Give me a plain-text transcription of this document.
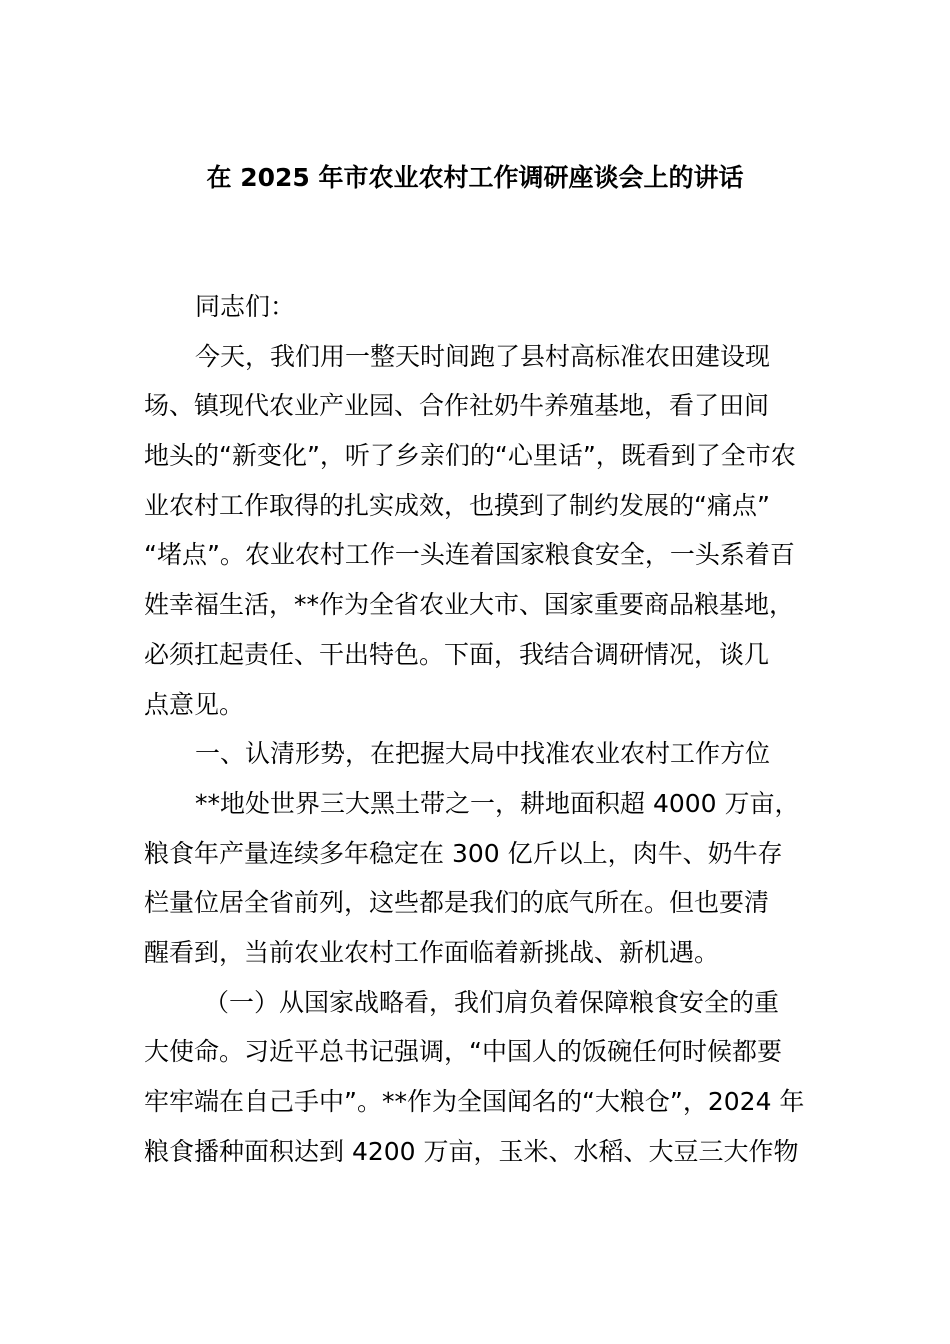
在 2025 年市农业农村工作调研座谈会上的讲话
同志们：
今天，我们用一整天时间跑了县村高标准农田建设现
场、镇现代农业产业园、合作社奶牛养殖基地，看了田间
地头的“新变化”，听了乡亲们的“心里话”，既看到了全市农
业农村工作取得的扎实成效，也摸到了制约发展的“痛点”
“堵点”。农业农村工作一头连着国家粮食安全，一头系着百
姓幸福生活，**作为全省农业大市、国家重要商品粮基地，
必须扛起责任、干出特色。下面，我结合调研情况，谈几
点意见。
一、认清形势，在把握大局中找准农业农村工作方位
**地处世界三大黑土带之一，耕地面积超 4000 万亩，
粮食年产量连续多年稳定在 300 亿斤以上，肉牛、奶牛存
栏量位居全省前列，这些都是我们的底气所在。但也要清
醒看到，当前农业农村工作面临着新挑战、新机遇。
（一）从国家战略看，我们肩负着保障粮食安全的重
大使命。习近平总书记强调，“中国人的饭碗任何时候都要
牢牢端在自己手中”。**作为全国闻名的“大粮仓”，2024 年
粮食播种面积达到 4200 万亩，玉米、水稻、大豆三大作物
